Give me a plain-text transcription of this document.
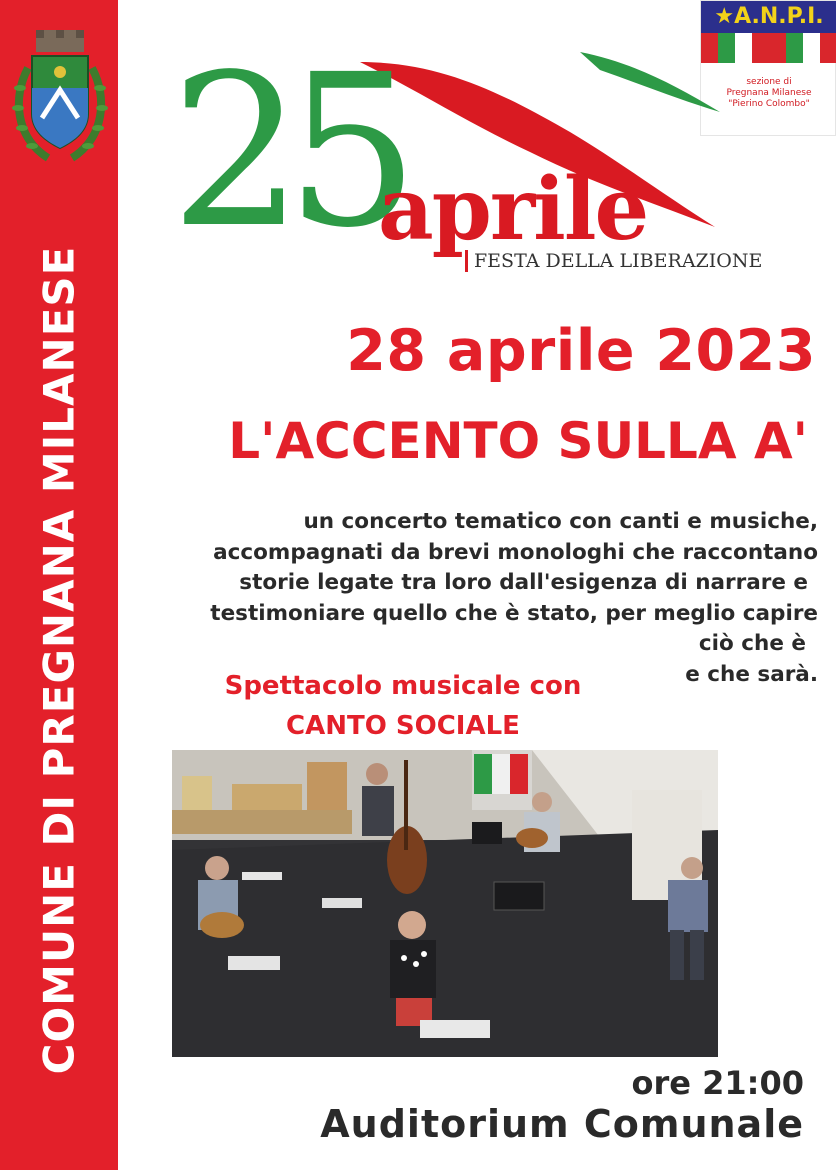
COMUNE DI PREGNANA MILANESE
★A.N.P.I.
sezione di
Pregnana Milanese
"Pierino Colombo"
25
aprile
FESTA DELLA LIBERAZIONE
28 aprile 2023
L'ACCENTO SULLA A'
un concerto tematico con canti e musiche,
accompagnati da brevi monologhi che raccontano
storie legate tra loro dall'esigenza di narrare e
testimoniare quello che è stato, per meglio capire
ciò che è
e che sarà.
Spettacolo musicale con
CANTO SOCIALE
ore 21:00
Auditorium Comunale
